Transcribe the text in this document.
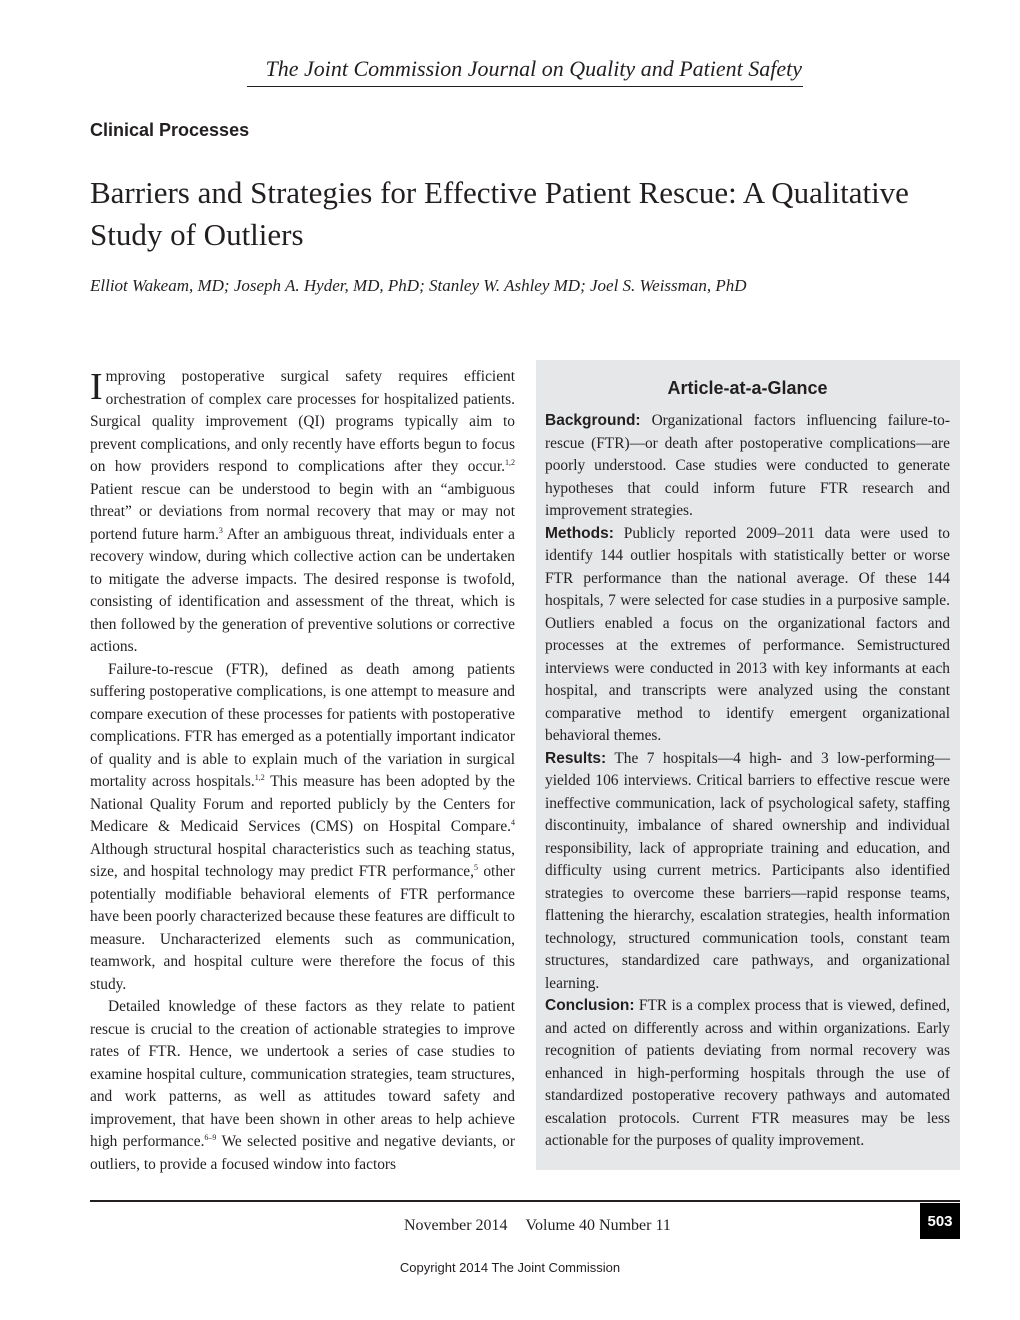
The Joint Commission Journal on Quality and Patient Safety
Clinical Processes
Barriers and Strategies for Effective Patient Rescue: A Qualitative Study of Outliers
Elliot Wakeam, MD; Joseph A. Hyder, MD, PhD; Stanley W. Ashley MD; Joel S. Weissman, PhD

Improving postoperative surgical safety requires efficient orchestration of complex care processes for hospitalized patients. Surgical quality improvement (QI) programs typically aim to prevent complications, and only recently have efforts begun to focus on how providers respond to complications after they occur.$^{1,2}$ Patient rescue can be understood to begin with an “ambiguous threat” or deviations from normal recovery that may or may not portend future harm.$^3$ After an ambiguous threat, individuals enter a recovery window, during which collective action can be undertaken to mitigate the adverse impacts. The desired response is twofold, consisting of identification and assessment of the threat, which is then followed by the generation of preventive solutions or corrective actions.

Failure-to-rescue (FTR), defined as death among patients suffering postoperative complications, is one attempt to measure and compare execution of these processes for patients with postoperative complications. FTR has emerged as a potentially important indicator of quality and is able to explain much of the variation in surgical mortality across hospitals.$^{1,2}$ This measure has been adopted by the National Quality Forum and reported publicly by the Centers for Medicare & Medicaid Services (CMS) on Hospital Compare.$^4$ Although structural hospital characteristics such as teaching status, size, and hospital technology may predict FTR performance,$^5$ other potentially modifiable behavioral elements of FTR performance have been poorly characterized because these features are difficult to measure. Uncharacterized elements such as communication, teamwork, and hospital culture were therefore the focus of this study.

Detailed knowledge of these factors as they relate to patient rescue is crucial to the creation of actionable strategies to improve rates of FTR. Hence, we undertook a series of case studies to examine hospital culture, communication strategies, team structures, and work patterns, as well as attitudes toward safety and improvement, that have been shown in other areas to help achieve high performance.$^{6-9}$ We selected positive and negative deviants, or outliers, to provide a focused window into factors

Article-at-a-Glance

Background: Organizational factors influencing failure-to-rescue (FTR)—or death after postoperative complications—are poorly understood. Case studies were conducted to generate hypotheses that could inform future FTR research and improvement strategies.

Methods: Publicly reported 2009–2011 data were used to identify 144 outlier hospitals with statistically better or worse FTR performance than the national average. Of these 144 hospitals, 7 were selected for case studies in a purposive sample. Outliers enabled a focus on the organizational factors and processes at the extremes of performance. Semistructured interviews were conducted in 2013 with key informants at each hospital, and transcripts were analyzed using the constant comparative method to identify emergent organizational behavioral themes.

Results: The 7 hospitals—4 high- and 3 low-performing—yielded 106 interviews. Critical barriers to effective rescue were ineffective communication, lack of psychological safety, staffing discontinuity, imbalance of shared ownership and individual responsibility, lack of appropriate training and education, and difficulty using current metrics. Participants also identified strategies to overcome these barriers—rapid response teams, flattening the hierarchy, escalation strategies, health information technology, structured communication tools, constant team structures, standardized care pathways, and organizational learning.

Conclusion: FTR is a complex process that is viewed, defined, and acted on differently across and within organizations. Early recognition of patients deviating from normal recovery was enhanced in high-performing hospitals through the use of standardized postoperative recovery pathways and automated escalation protocols. Current FTR measures may be less actionable for the purposes of quality improvement.

November 2014 Volume 40 Number 11	503
Copyright 2014 The Joint Commission
